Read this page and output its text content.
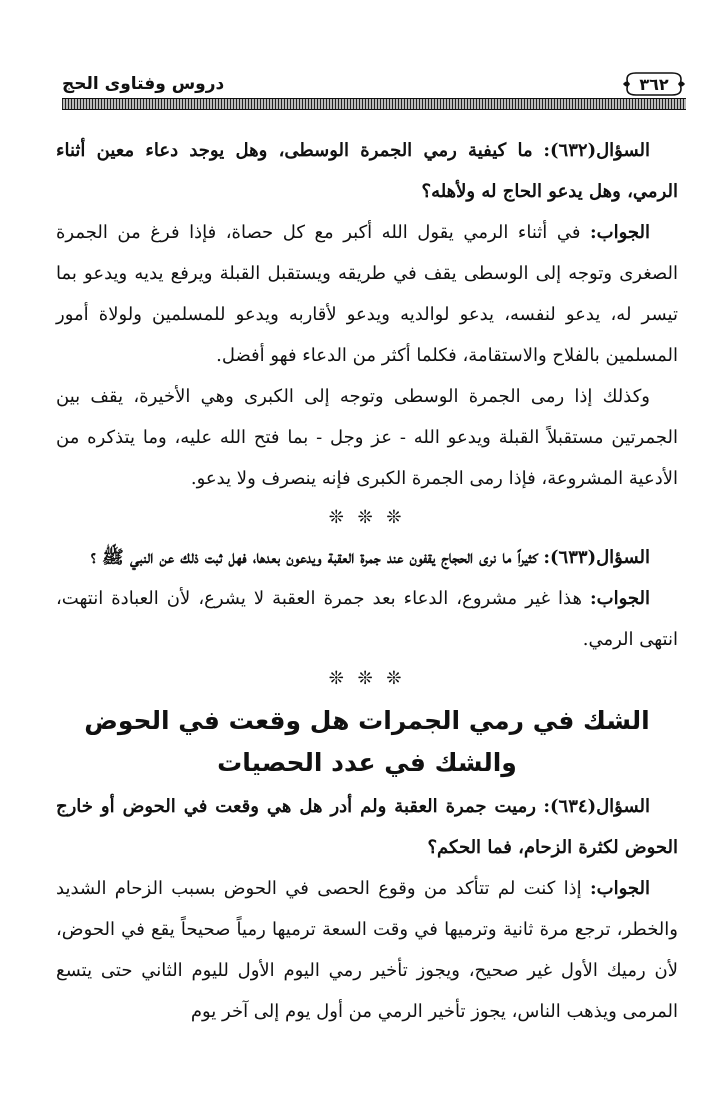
٣٦٢
دروس وفتاوى الحج

السؤال(٦٣٢): ما كيفية رمي الجمرة الوسطى، وهل يوجد دعاء معين أثناء الرمي، وهل يدعو الحاج له ولأهله؟

الجواب: في أثناء الرمي يقول الله أكبر مع كل حصاة، فإذا فرغ من الجمرة الصغرى وتوجه إلى الوسطى يقف في طريقه ويستقبل القبلة ويرفع يديه ويدعو بما تيسر له، يدعو لنفسه، يدعو لوالديه ويدعو لأقاربه ويدعو للمسلمين ولولاة أمور المسلمين بالفلاح والاستقامة، فكلما أكثر من الدعاء فهو أفضل.

وكذلك إذا رمى الجمرة الوسطى وتوجه إلى الكبرى وهي الأخيرة، يقف بين الجمرتين مستقبلاً القبلة ويدعو الله - عز وجل - بما فتح الله عليه، وما يتذكره من الأدعية المشروعة، فإذا رمى الجمرة الكبرى فإنه ينصرف ولا يدعو.

❊ ❊ ❊

السؤال(٦٣٣): كثيراً ما نرى الحجاج يقفون عند جمرة العقبة ويدعون بعدها، فهل ثبت ذلك عن النبي ﷺ ؟

الجواب: هذا غير مشروع، الدعاء بعد جمرة العقبة لا يشرع، لأن العبادة انتهت، انتهى الرمي.

❊ ❊ ❊

الشك في رمي الجمرات هل وقعت في الحوض والشك في عدد الحصيات

السؤال(٦٣٤): رميت جمرة العقبة ولم أدر هل هي وقعت في الحوض أو خارج الحوض لكثرة الزحام، فما الحكم؟

الجواب: إذا كنت لم تتأكد من وقوع الحصى في الحوض بسبب الزحام الشديد والخطر، ترجع مرة ثانية وترميها في وقت السعة ترميها رمياً صحيحاً يقع في الحوض، لأن رميك الأول غير صحيح، ويجوز تأخير رمي اليوم الأول لليوم الثاني حتى يتسع المرمى ويذهب الناس، يجوز تأخير الرمي من أول يوم إلى آخر يوم
